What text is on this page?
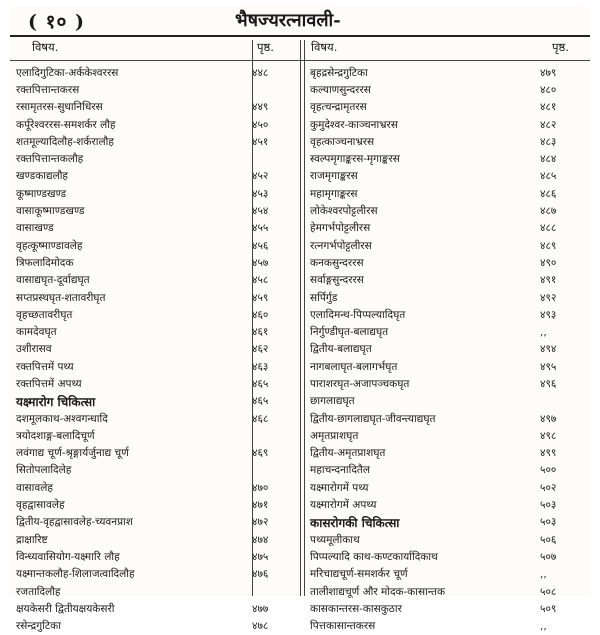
( १० )	भैषज्यरत्नावली-
विषय.	पृष्ठ.	विषय.	पृष्ठ.
एलादिगुटिका-अर्ककेश्वररस	४४८
रक्तपित्तान्तकरस
रसामृतरस-सुधानिधिरस	४४९
कर्पूरेश्वररस-समशर्कर लौह	४५०
शतमूल्यादिलौह-शर्करालौह	४५१
रक्तपित्तान्तकलौह
खण्डकाद्यलौह	४५२
कूष्माण्डखण्ड	४५३
वासाकूष्माण्डखण्ड	४५४
वासाखण्ड	४५५
वृहत्कूष्माण्डावलेह	४५६
त्रिफलादिमोदक	४५७
वासाद्यघृत-दूर्वाद्यघृत	४५८
सप्तप्रस्थघृत-शतावरीघृत	४५९
वृहच्छतावरीघृत	४६०
कामदेवघृत	४६१
उशीरासव	४६२
रक्तपित्तमें पथ्य	४६३
रक्तपित्तमें अपथ्य	४६५
यक्ष्मारोग चिकित्सा	४६५
दशमूलकाथ-अश्वगन्धादि	४६८
त्रयोदशाङ्ग-बलादिचूर्ण
लवंगाद्य चूर्ण-श्रृङ्गार्यर्जुनाद्य चूर्ण	४६९
सितोपलादिलेह
वासावलेह	४७०
वृहद्वासावलेह	४७१
द्वितीय-वृहद्वासावलेह-च्यवनप्राश	४७२
द्राक्षारिष्ट	४७४
विन्ध्यवासियोग-यक्ष्मारि लौह	४७५
यक्ष्मान्तकलौह-शिलाजत्वादिलौह	४७६
रजतादिलौह
क्षयकेसरी द्वितीयक्षयकेसरी	४७७
रसेन्द्रगुटिका	४७८
बृहद्रसेन्द्रगुटिका	४७९
कल्याणसुन्दररस	४८०
वृहत्चन्द्रामृतरस	४८१
कुमुदेश्वर-काञ्चनाभ्ररस	४८२
वृहत्काञ्चनाभ्ररस	४८३
स्वल्पमृगाङ्करस-मृगाङ्करस	४८४
राजमृगाङ्करस	४८५
महामृगाङ्करस	४८६
लोकेश्वरपोट्टलीरस	४८७
हेमगर्भपोट्टलीरस	४८८
रत्नगर्भपोट्टलीरस	४८९
कनकसुन्दररस	४९०
सर्वाङ्गसुन्दररस	४९१
सर्पिर्गुड	४९२
एलादिमन्थ-पिप्पल्यादिघृत	४९३
निर्गुण्डीघृत-बलाद्यघृत	‚‚
द्वितीय-बलाद्यघृत	४९४
नागबलाघृत-बलागर्भघृत	४९५
पाराशरघृत-अजापञ्चकघृत	४९६
छागलाद्यघृत
द्वितीय-छागलाद्यघृत-जीवन्त्याद्यघृत	४९७
अमृतप्राशघृत	४९८
द्वितीय-अमृतप्राशघृत	४९९
महाचन्दनादितैल	५००
यक्ष्मारोगमें पथ्य	५०२
यक्ष्मारोगमें अपथ्य	५०३
कासरोगकी चिकित्सा	५०३
पथ्यमूलीकाथ	५०६
पिप्पल्यादि काथ-कण्टकार्यादिकाथ	५०७
मरिचाद्यचूर्ण-समशर्कर चूर्ण	‚‚
तालीशाद्यचूर्ण और मोदक-कासान्तक	५०८
कासकान्तरस-कासकुठार	५०९
पित्तकासान्तकरस	‚‚
